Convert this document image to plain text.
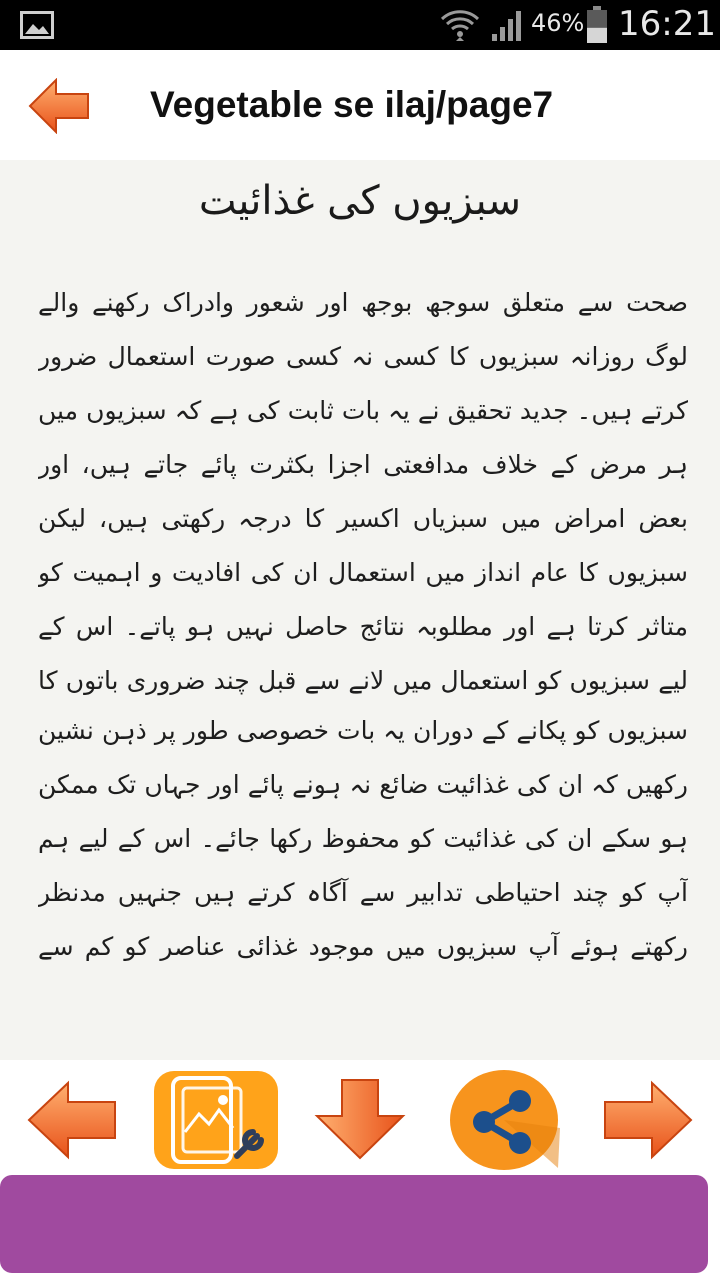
46% 16:21
Vegetable se ilaj/page7
سبزیوں کی غذائیت

صحت سے متعلق سوجھ بوجھ اور شعور وادراک رکھنے والے لوگ روزانہ سبزیوں کا کسی نہ کسی صورت استعمال ضرور کرتے ہیں۔ جدید تحقیق نے یہ بات ثابت کی ہے کہ سبزیوں میں ہر مرض کے خلاف مدافعتی اجزا بکثرت پائے جاتے ہیں، اور بعض امراض میں سبزیاں اکسیر کا درجہ رکھتی ہیں، لیکن سبزیوں کا عام انداز میں استعمال ان کی افادیت و اہمیت کو متاثر کرتا ہے اور مطلوبہ نتائج حاصل نہیں ہو پاتے۔ اس کے لیے سبزیوں کو استعمال میں لانے سے قبل چند ضروری باتوں کا

سبزیوں کو پکانے کے دوران یہ بات خصوصی طور پر ذہن نشین رکھیں کہ ان کی غذائیت ضائع نہ ہونے پائے اور جہاں تک ممکن ہو سکے ان کی غذائیت کو محفوظ رکھا جائے۔ اس کے لیے ہم آپ کو چند احتیاطی تدابیر سے آگاہ کرتے ہیں جنہیں مدنظر رکھتے ہوئے آپ سبزیوں میں موجود غذائی عناصر کو کم سے
